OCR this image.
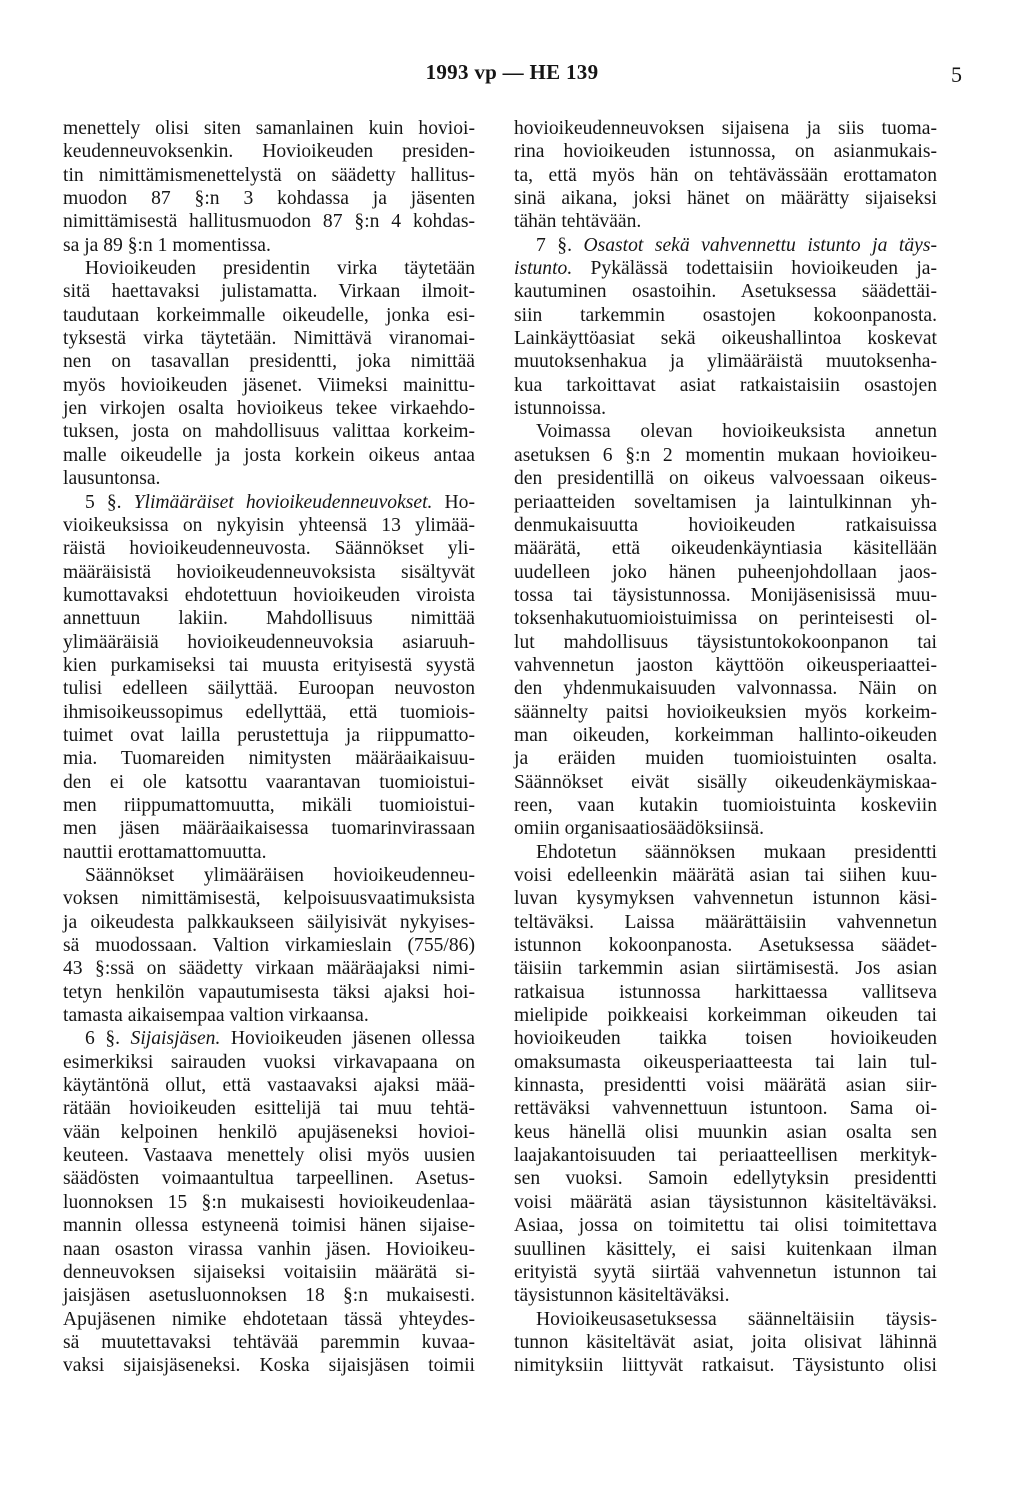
1993 vp — HE 139	5
menettely olisi siten samanlainen kuin hovioi-
keudenneuvoksenkin. Hovioikeuden presiden-
tin nimittämismenettelystä on säädetty hallitus-
muodon 87 §:n 3 kohdassa ja jäsenten
nimittämisestä hallitusmuodon 87 §:n 4 kohdas-
sa ja 89 §:n 1 momentissa.
Hovioikeuden presidentin virka täytetään
sitä haettavaksi julistamatta. Virkaan ilmoit-
taudutaan korkeimmalle oikeudelle, jonka esi-
tyksestä virka täytetään. Nimittävä viranomai-
nen on tasavallan presidentti, joka nimittää
myös hovioikeuden jäsenet. Viimeksi mainittu-
jen virkojen osalta hovioikeus tekee virkaehdo-
tuksen, josta on mahdollisuus valittaa korkeim-
malle oikeudelle ja josta korkein oikeus antaa
lausuntonsa.
5 §. Ylimääräiset hovioikeudenneuvokset. Ho-
vioikeuksissa on nykyisin yhteensä 13 ylimää-
räistä hovioikeudenneuvosta. Säännökset yli-
määräisistä hovioikeudenneuvoksista sisältyvät
kumottavaksi ehdotettuun hovioikeuden viroista
annettuun lakiin. Mahdollisuus nimittää
ylimääräisiä hovioikeudenneuvoksia asiaruuh-
kien purkamiseksi tai muusta erityisestä syystä
tulisi edelleen säilyttää. Euroopan neuvoston
ihmisoikeussopimus edellyttää, että tuomiois-
tuimet ovat lailla perustettuja ja riippumatto-
mia. Tuomareiden nimitysten määräaikaisuu-
den ei ole katsottu vaarantavan tuomioistui-
men riippumattomuutta, mikäli tuomioistui-
men jäsen määräaikaisessa tuomarinvirassaan
nauttii erottamattomuutta.
Säännökset ylimääräisen hovioikeudenneu-
voksen nimittämisestä, kelpoisuusvaatimuksista
ja oikeudesta palkkaukseen säilyisivät nykyises-
sä muodossaan. Valtion virkamieslain (755/86)
43 §:ssä on säädetty virkaan määräajaksi nimi-
tetyn henkilön vapautumisesta täksi ajaksi hoi-
tamasta aikaisempaa valtion virkaansa.
6 §. Sijaisjäsen. Hovioikeuden jäsenen ollessa
esimerkiksi sairauden vuoksi virkavapaana on
käytäntönä ollut, että vastaavaksi ajaksi mää-
rätään hovioikeuden esittelijä tai muu tehtä-
vään kelpoinen henkilö apujäseneksi hovioi-
keuteen. Vastaava menettely olisi myös uusien
säädösten voimaantultua tarpeellinen. Asetus-
luonnoksen 15 §:n mukaisesti hovioikeudenlaa-
mannin ollessa estyneenä toimisi hänen sijaise-
naan osaston virassa vanhin jäsen. Hovioikeu-
denneuvoksen sijaiseksi voitaisiin määrätä si-
jaisjäsen asetusluonnoksen 18 §:n mukaisesti.
Apujäsenen nimike ehdotetaan tässä yhteydes-
sä muutettavaksi tehtävää paremmin kuvaa-
vaksi sijaisjäseneksi. Koska sijaisjäsen toimii
hovioikeudenneuvoksen sijaisena ja siis tuoma-
rina hovioikeuden istunnossa, on asianmukais-
ta, että myös hän on tehtävässään erottamaton
sinä aikana, joksi hänet on määrätty sijaiseksi
tähän tehtävään.
7 §. Osastot sekä vahvennettu istunto ja täys-
istunto. Pykälässä todettaisiin hovioikeuden ja-
kautuminen osastoihin. Asetuksessa säädettäi-
siin tarkemmin osastojen kokoonpanosta.
Lainkäyttöasiat sekä oikeushallintoa koskevat
muutoksenhakua ja ylimääräistä muutoksenha-
kua tarkoittavat asiat ratkaistaisiin osastojen
istunnoissa.
Voimassa olevan hovioikeuksista annetun
asetuksen 6 §:n 2 momentin mukaan hovioikeu-
den presidentillä on oikeus valvoessaan oikeus-
periaatteiden soveltamisen ja laintulkinnan yh-
denmukaisuutta hovioikeuden ratkaisuissa
määrätä, että oikeudenkäyntiasia käsitellään
uudelleen joko hänen puheenjohdollaan jaos-
tossa tai täysistunnossa. Monijäsenisissä muu-
toksenhakutuomioistuimissa on perinteisesti ol-
lut mahdollisuus täysistuntokokoonpanon tai
vahvennetun jaoston käyttöön oikeusperiaattei-
den yhdenmukaisuuden valvonnassa. Näin on
säännelty paitsi hovioikeuksien myös korkeim-
man oikeuden, korkeimman hallinto-oikeuden
ja eräiden muiden tuomioistuinten osalta.
Säännökset eivät sisälly oikeudenkäymiskaa-
reen, vaan kutakin tuomioistuinta koskeviin
omiin organisaatiosäädöksiinsä.
Ehdotetun säännöksen mukaan presidentti
voisi edelleenkin määrätä asian tai siihen kuu-
luvan kysymyksen vahvennetun istunnon käsi-
teltäväksi. Laissa määrättäisiin vahvennetun
istunnon kokoonpanosta. Asetuksessa säädet-
täisiin tarkemmin asian siirtämisestä. Jos asian
ratkaisua istunnossa harkittaessa vallitseva
mielipide poikkeaisi korkeimman oikeuden tai
hovioikeuden taikka toisen hovioikeuden
omaksumasta oikeusperiaatteesta tai lain tul-
kinnasta, presidentti voisi määrätä asian siir-
rettäväksi vahvennettuun istuntoon. Sama oi-
keus hänellä olisi muunkin asian osalta sen
laajakantoisuuden tai periaatteellisen merkityk-
sen vuoksi. Samoin edellytyksin presidentti
voisi määrätä asian täysistunnon käsiteltäväksi.
Asiaa, jossa on toimitettu tai olisi toimitettava
suullinen käsittely, ei saisi kuitenkaan ilman
erityistä syytä siirtää vahvennetun istunnon tai
täysistunnon käsiteltäväksi.
Hovioikeusasetuksessa säänneltäisiin täysis-
tunnon käsiteltävät asiat, joita olisivat lähinnä
nimityksiin liittyvät ratkaisut. Täysistunto olisi
